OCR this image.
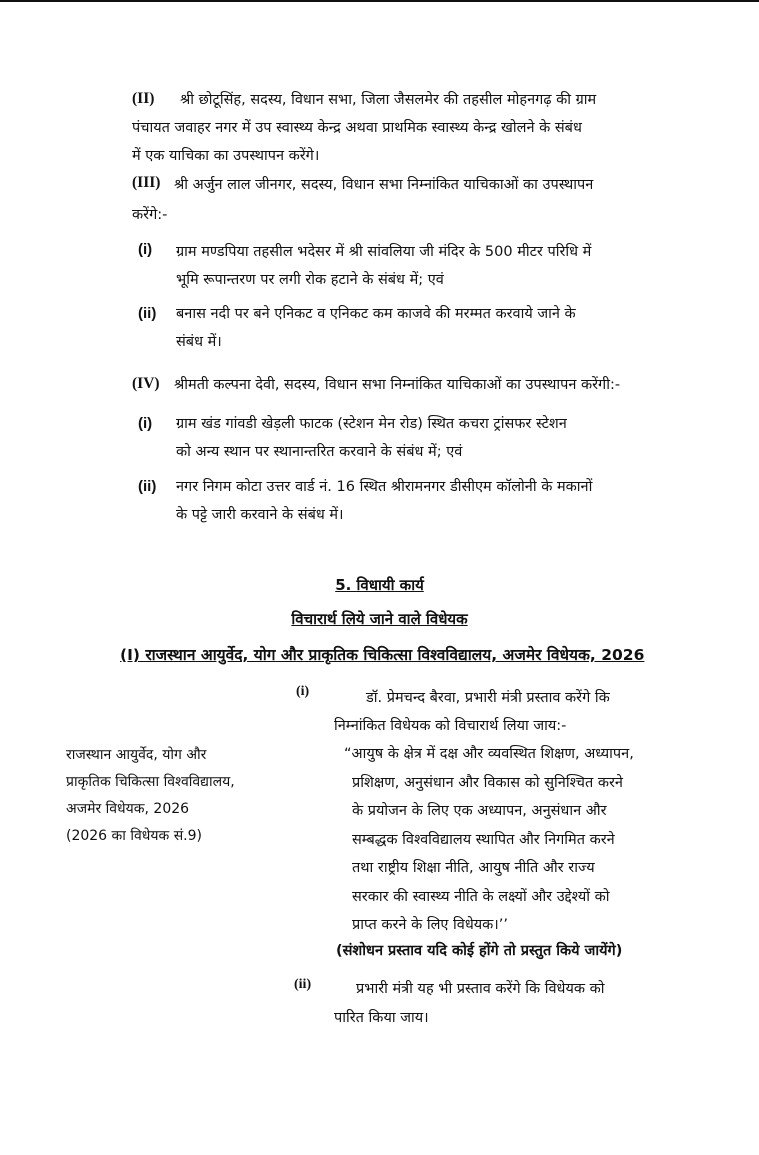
(II)	श्री छोटूसिंह, सदस्य, विधान सभा, जिला जैसलमेर की तहसील मोहनगढ़ की ग्राम
पंचायत जवाहर नगर में उप स्वास्थ्य केन्द्र अथवा प्राथमिक स्वास्थ्य केन्द्र खोलने के संबंध
में एक याचिका का उपस्थापन करेंगे।
(III) श्री अर्जुन लाल जीनगर, सदस्य, विधान सभा निम्नांकित याचिकाओं का उपस्थापन
करेंगे:-
(i) ग्राम मण्डपिया तहसील भदेसर में श्री सांवलिया जी मंदिर के 500 मीटर परिधि में
भूमि रूपान्तरण पर लगी रोक हटाने के संबंध में; एवं
(ii) बनास नदी पर बने एनिकट व एनिकट कम काजवे की मरम्मत करवाये जाने के
संबंध में।
(IV) श्रीमती कल्पना देवी, सदस्य, विधान सभा निम्नांकित याचिकाओं का उपस्थापन करेंगी:-
(i) ग्राम खंड गांवडी खेड़ली फाटक (स्टेशन मेन रोड) स्थित कचरा ट्रांसफर स्टेशन
को अन्य स्थान पर स्थानान्तरित करवाने के संबंध में; एवं
(ii) नगर निगम कोटा उत्तर वार्ड नं. 16 स्थित श्रीरामनगर डीसीएम कॉलोनी के मकानों
के पट्टे जारी करवाने के संबंध में।
5. विधायी कार्य
विचारार्थ लिये जाने वाले विधेयक
(I) राजस्थान आयुर्वेद, योग और प्राकृतिक चिकित्सा विश्वविद्यालय, अजमेर विधेयक, 2026
राजस्थान आयुर्वेद, योग और
प्राकृतिक चिकित्सा विश्वविद्यालय,
अजमेर विधेयक, 2026
(2026 का विधेयक सं.9)
(i)	डॉ. प्रेमचन्द बैरवा, प्रभारी मंत्री प्रस्ताव करेंगे कि
निम्नांकित विधेयक को विचारार्थ लिया जाय:-
“आयुष के क्षेत्र में दक्ष और व्यवस्थित शिक्षण, अध्यापन,
प्रशिक्षण, अनुसंधान और विकास को सुनिश्चित करने
के प्रयोजन के लिए एक अध्यापन, अनुसंधान और
सम्बद्धक विश्वविद्यालय स्थापित और निगमित करने
तथा राष्ट्रीय शिक्षा नीति, आयुष नीति और राज्य
सरकार की स्वास्थ्य नीति के लक्ष्यों और उद्देश्यों को
प्राप्त करने के लिए विधेयक।’’
(संशोधन प्रस्ताव यदि कोई होंगे तो प्रस्तुत किये जायेंगे)
(ii)	प्रभारी मंत्री यह भी प्रस्ताव करेंगे कि विधेयक को
पारित किया जाय।
